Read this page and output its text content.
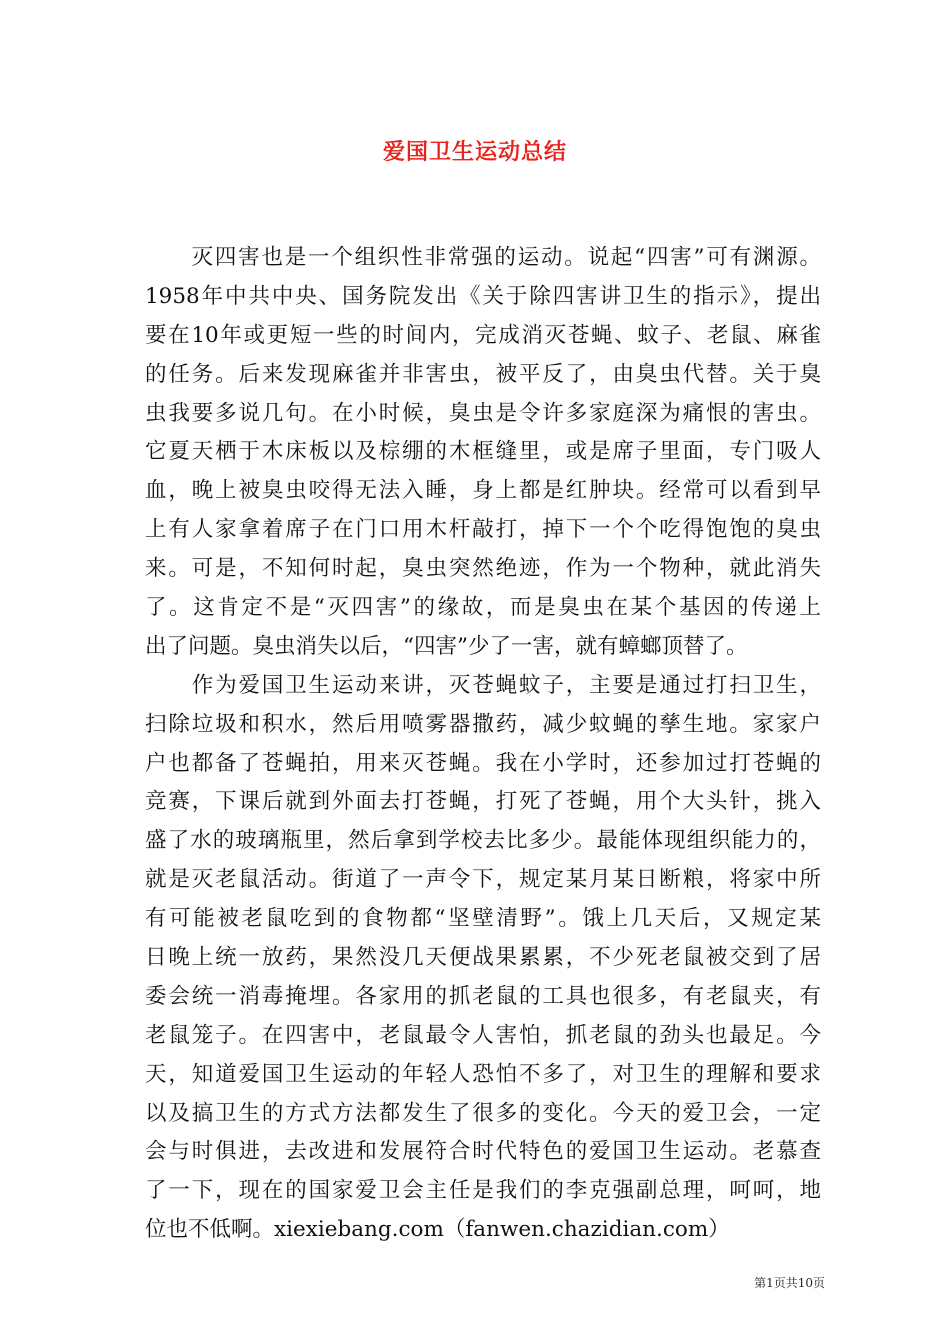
爱国卫生运动总结
　　灭四害也是一个组织性非常强的运动。说起“四害”可有渊源。
1958年中共中央、国务院发出《关于除四害讲卫生的指示》，提出
要在10年或更短一些的时间内，完成消灭苍蝇、蚊子、老鼠、麻雀
的任务。后来发现麻雀并非害虫，被平反了，由臭虫代替。关于臭
虫我要多说几句。在小时候，臭虫是令许多家庭深为痛恨的害虫。
它夏天栖于木床板以及棕绷的木框缝里，或是席子里面，专门吸人
血，晚上被臭虫咬得无法入睡，身上都是红肿块。经常可以看到早
上有人家拿着席子在门口用木杆敲打，掉下一个个吃得饱饱的臭虫
来。可是，不知何时起，臭虫突然绝迹，作为一个物种，就此消失
了。这肯定不是“灭四害”的缘故，而是臭虫在某个基因的传递上
出了问题。臭虫消失以后，“四害”少了一害，就有蟑螂顶替了。
　　作为爱国卫生运动来讲，灭苍蝇蚊子，主要是通过打扫卫生，
扫除垃圾和积水，然后用喷雾器撒药，减少蚊蝇的孳生地。家家户
户也都备了苍蝇拍，用来灭苍蝇。我在小学时，还参加过打苍蝇的
竞赛，下课后就到外面去打苍蝇，打死了苍蝇，用个大头针，挑入
盛了水的玻璃瓶里，然后拿到学校去比多少。最能体现组织能力的，
就是灭老鼠活动。街道了一声令下，规定某月某日断粮，将家中所
有可能被老鼠吃到的食物都“坚壁清野”。饿上几天后，又规定某
日晚上统一放药，果然没几天便战果累累，不少死老鼠被交到了居
委会统一消毒掩埋。各家用的抓老鼠的工具也很多，有老鼠夹，有
老鼠笼子。在四害中，老鼠最令人害怕，抓老鼠的劲头也最足。今
天，知道爱国卫生运动的年轻人恐怕不多了，对卫生的理解和要求
以及搞卫生的方式方法都发生了很多的变化。今天的爱卫会，一定
会与时俱进，去改进和发展符合时代特色的爱国卫生运动。老慕查
了一下，现在的国家爱卫会主任是我们的李克强副总理，呵呵，地
位也不低啊。xiexiebang.com（fanwen.chazidian.com）
第1页共10页
